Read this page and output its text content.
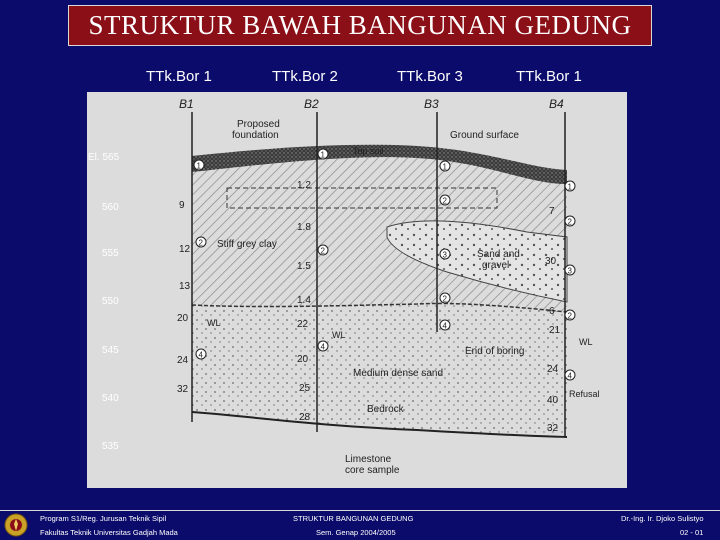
STRUKTUR BAWAH BANGUNAN GEDUNG
TTk.Bor 1	TTk.Bor 2	TTk.Bor 3	TTk.Bor 1
B1	B2	B3	B4
Proposed
foundation	Ground surface
Top soil
Stiff grey clay
Sand and
gravel
End of boring
Medium dense sand
Bedrock
Refusal
Limestone
core sample
WL
WL
WL
9
12
13
20
24
32
1.2
1.8
1.5
1.4
22
20
25
28
7
30
6
21
24
40
32
1
2
4
1
2
4
1
2
3
2
4
1
2
3
2
4
El. 565
560
555
550
545
540
535
Program S1/Reg. Jurusan Teknik Sipil
Fakultas Teknik Universitas Gadjah Mada
STRUKTUR BANGUNAN GEDUNG
Sem. Genap 2004/2005
Dr.-Ing. Ir. Djoko Sulistyo
02 - 01
